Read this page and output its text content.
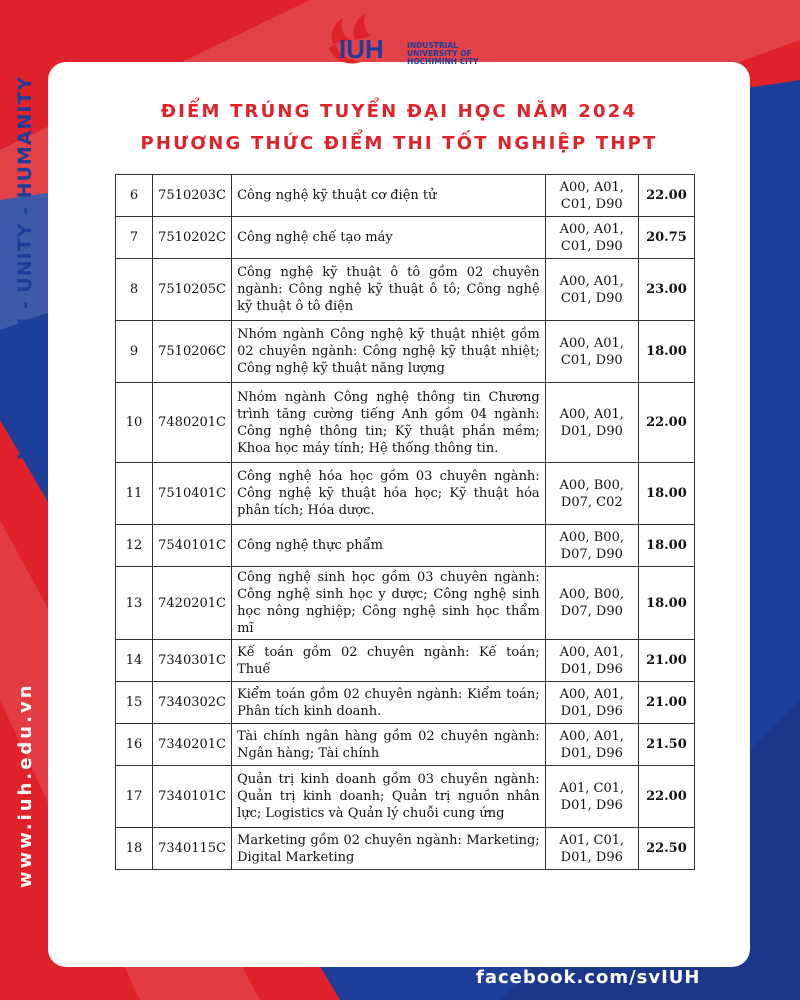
IUH	INDUSTRIAL
UNIVERSITY OF
HOCHIMINH CITY
ĐIỂM TRÚNG TUYỂN ĐẠI HỌC NĂM 2024
PHƯƠNG THỨC ĐIỂM THI TỐT NGHIỆP THPT
INNOVATION - UNITY - HUMANITY
www.iuh.edu.vn
6	7510203C	Công nghệ kỹ thuật cơ điện tử	A00, A01, C01, D90	22.00
7	7510202C	Công nghệ chế tạo máy	A00, A01, C01, D90	20.75
8	7510205C	Công nghệ kỹ thuật ô tô gồm 02 chuyên ngành: Công nghệ kỹ thuật ô tô; Công nghệ kỹ thuật ô tô điện	A00, A01, C01, D90	23.00
9	7510206C	Nhóm ngành Công nghệ kỹ thuật nhiệt gồm 02 chuyên ngành: Công nghệ kỹ thuật nhiệt; Công nghệ kỹ thuật năng lượng	A00, A01, C01, D90	18.00
10	7480201C	Nhóm ngành Công nghệ thông tin Chương trình tăng cường tiếng Anh gồm 04 ngành: Công nghệ thông tin; Kỹ thuật phần mềm; Khoa học máy tính; Hệ thống thông tin.	A00, A01, D01, D90	22.00
11	7510401C	Công nghệ hóa học gồm 03 chuyên ngành: Công nghệ kỹ thuật hóa học; Kỹ thuật hóa phân tích; Hóa dược.	A00, B00, D07, C02	18.00
12	7540101C	Công nghệ thực phẩm	A00, B00, D07, D90	18.00
13	7420201C	Công nghệ sinh học gồm 03 chuyên ngành: Công nghệ sinh học y dược; Công nghệ sinh học nông nghiệp; Công nghệ sinh học thẩm mĩ	A00, B00, D07, D90	18.00
14	7340301C	Kế toán gồm 02 chuyên ngành: Kế toán; Thuế	A00, A01, D01, D96	21.00
15	7340302C	Kiểm toán gồm 02 chuyên ngành: Kiểm toán; Phân tích kinh doanh.	A00, A01, D01, D96	21.00
16	7340201C	Tài chính ngân hàng gồm 02 chuyên ngành: Ngân hàng; Tài chính	A00, A01, D01, D96	21.50
17	7340101C	Quản trị kinh doanh gồm 03 chuyên ngành: Quản trị kinh doanh; Quản trị nguồn nhân lực; Logistics và Quản lý chuỗi cung ứng	A01, C01, D01, D96	22.00
18	7340115C	Marketing gồm 02 chuyên ngành: Marketing; Digital Marketing	A01, C01, D01, D96	22.50
4	facebook.com/svIUH
